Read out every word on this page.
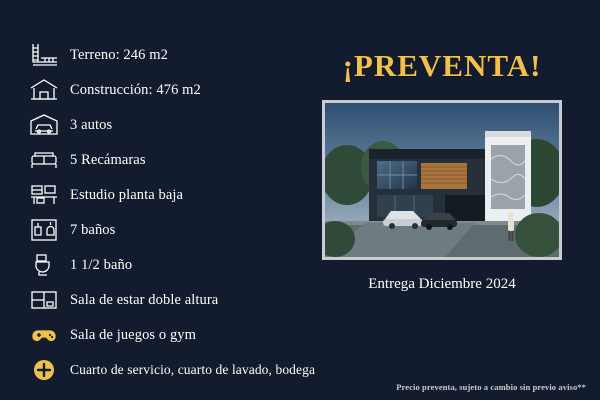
Terreno: 246 m2
Construcción: 476 m2
3 autos
5 Recámaras
Estudio planta baja
7 baños
1 1/2 baño
Sala de estar doble altura
Sala de juegos o gym
Cuarto de servicio, cuarto de lavado, bodega
¡PREVENTA!
Entrega Diciembre 2024
Precio preventa, sujeto a cambio sin previo aviso**
